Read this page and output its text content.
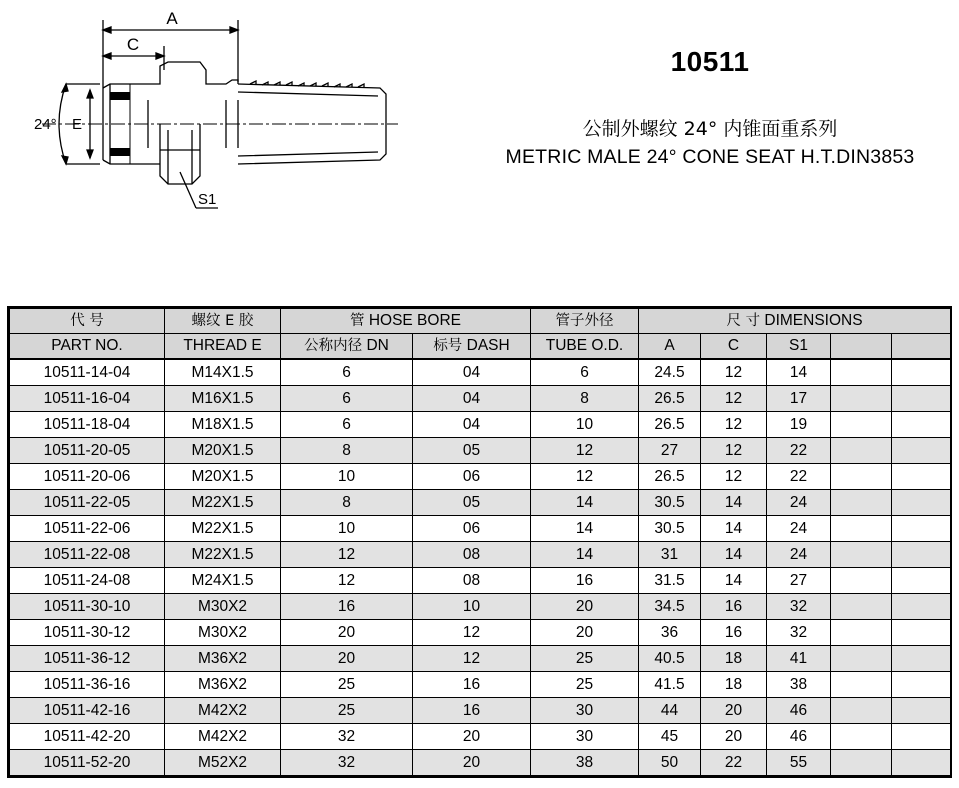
A
C
24° E
S1
10511
公制外螺纹 24° 内锥面重系列
METRIC MALE 24° CONE SEAT H.T.DIN3853
代 号	螺纹 E 胶	管 HOSE BORE		管子外径	尺 寸 DIMENSIONS				
PART NO.	THREAD E	公称内径 DN	标号 DASH	TUBE O.D.	A	C	S1		
10511-14-04	M14X1.5	6	04	6	24.5	12	14		
10511-16-04	M16X1.5	6	04	8	26.5	12	17		
10511-18-04	M18X1.5	6	04	10	26.5	12	19		
10511-20-05	M20X1.5	8	05	12	27	12	22		
10511-20-06	M20X1.5	10	06	12	26.5	12	22		
10511-22-05	M22X1.5	8	05	14	30.5	14	24		
10511-22-06	M22X1.5	10	06	14	30.5	14	24		
10511-22-08	M22X1.5	12	08	14	31	14	24		
10511-24-08	M24X1.5	12	08	16	31.5	14	27		
10511-30-10	M30X2	16	10	20	34.5	16	32		
10511-30-12	M30X2	20	12	20	36	16	32		
10511-36-12	M36X2	20	12	25	40.5	18	41		
10511-36-16	M36X2	25	16	25	41.5	18	38		
10511-42-16	M42X2	25	16	30	44	20	46		
10511-42-20	M42X2	32	20	30	45	20	46		
10511-52-20	M52X2	32	20	38	50	22	55		
